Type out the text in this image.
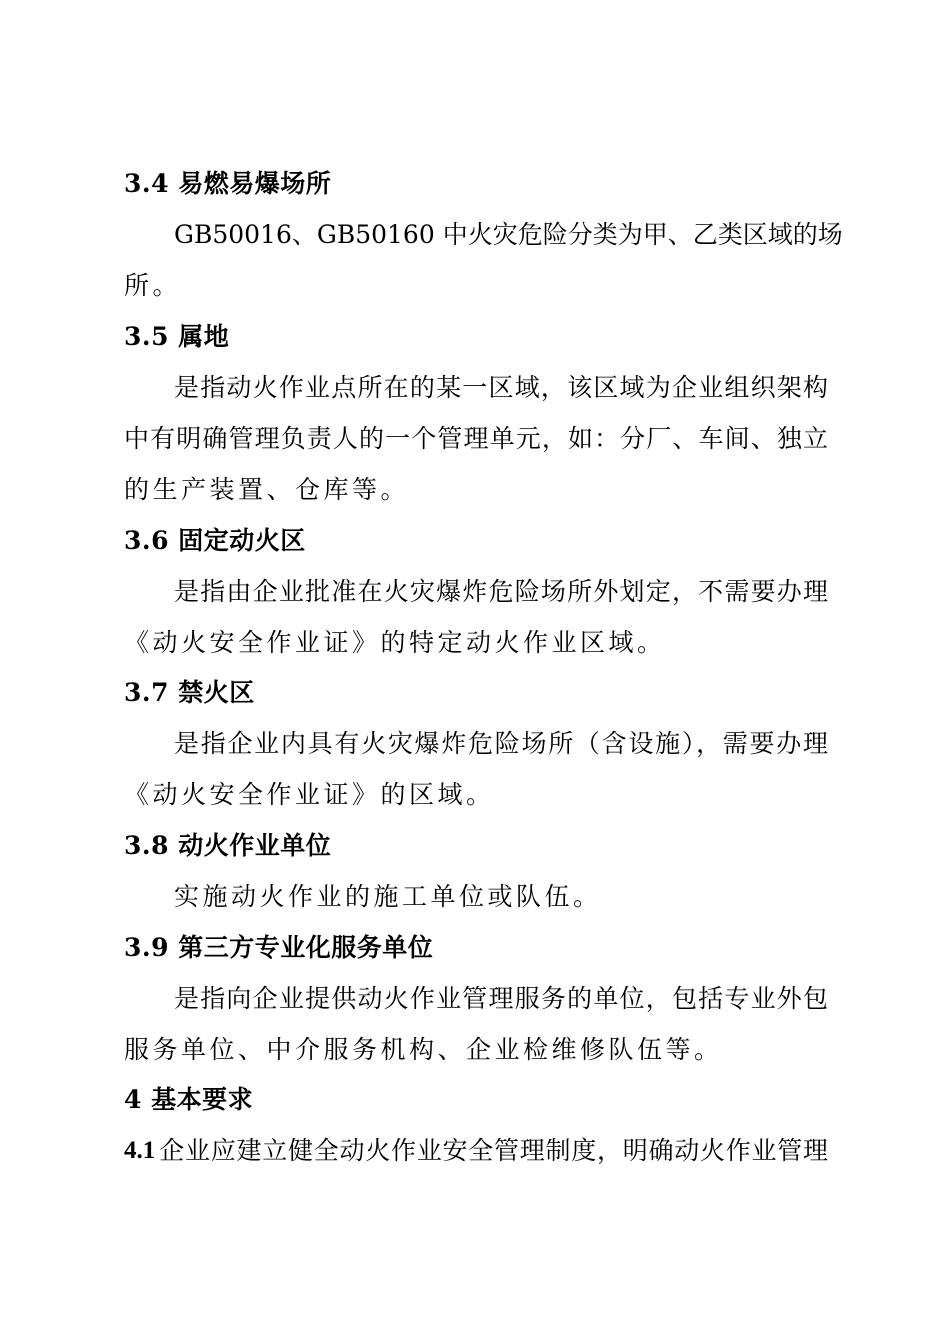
3.4 易燃易爆场所
GB50016、GB50160 中火灾危险分类为甲、乙类区域的场
所。
3.5 属地
是指动火作业点所在的某一区域，该区域为企业组织架构
中有明确管理负责人的一个管理单元，如：分厂、车间、独立
的生产装置、仓库等。
3.6 固定动火区
是指由企业批准在火灾爆炸危险场所外划定，不需要办理
《动火安全作业证》的特定动火作业区域。
3.7 禁火区
是指企业内具有火灾爆炸危险场所（含设施），需要办理
《动火安全作业证》的区域。
3.8 动火作业单位
实施动火作业的施工单位或队伍。
3.9 第三方专业化服务单位
是指向企业提供动火作业管理服务的单位，包括专业外包
服务单位、中介服务机构、企业检维修队伍等。
4 基本要求
4.1 企业应建立健全动火作业安全管理制度，明确动火作业管理
